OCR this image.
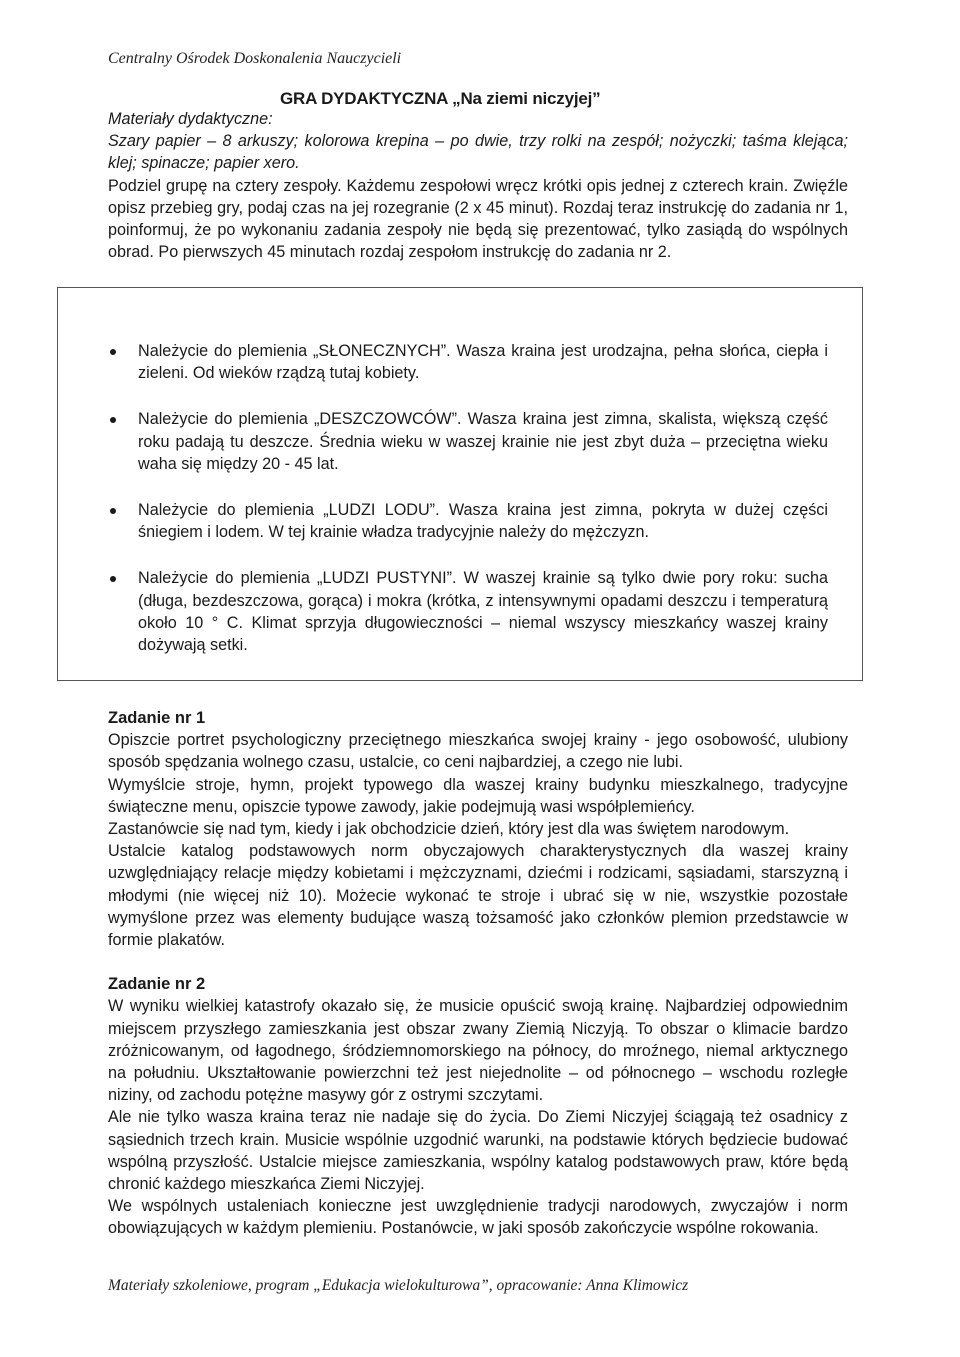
Centralny Ośrodek Doskonalenia Nauczycieli
GRA DYDAKTYCZNA „Na ziemi niczyjej”

Materiały dydaktyczne:

Szary papier – 8 arkuszy; kolorowa krepina – po dwie, trzy rolki na zespół; nożyczki; taśma klejąca; klej; spinacze; papier xero.

Podziel grupę na cztery zespoły. Każdemu zespołowi wręcz krótki opis jednej z czterech krain. Zwięźle opisz przebieg gry, podaj czas na jej rozegranie (2 x 45 minut). Rozdaj teraz instrukcję do zadania nr 1, poinformuj, że po wykonaniu zadania zespoły nie będą się prezentować, tylko zasiądą do wspólnych obrad. Po pierwszych 45 minutach rozdaj zespołom instrukcję do zadania nr 2.

Należycie do plemienia „SŁONECZNYCH”. Wasza kraina jest urodzajna, pełna słońca, ciepła i zieleni. Od wieków rządzą tutaj kobiety.
Należycie do plemienia „DESZCZOWCÓW”. Wasza kraina jest zimna, skalista, większą część roku padają tu deszcze. Średnia wieku w waszej krainie nie jest zbyt duża – przeciętna wieku waha się między 20 - 45 lat.
Należycie do plemienia „LUDZI LODU”. Wasza kraina jest zimna, pokryta w dużej części śniegiem i lodem. W tej krainie władza tradycyjnie należy do mężczyzn.
Należycie do plemienia „LUDZI PUSTYNI”. W waszej krainie są tylko dwie pory roku: sucha (długa, bezdeszczowa, gorąca) i mokra (krótka, z intensywnymi opadami deszczu i temperaturą około 10 ° C. Klimat sprzyja długowieczności – niemal wszyscy mieszkańcy waszej krainy dożywają setki.
Zadanie nr 1

Opiszcie portret psychologiczny przeciętnego mieszkańca swojej krainy - jego osobowość, ulubiony sposób spędzania wolnego czasu, ustalcie, co ceni najbardziej, a czego nie lubi.

Wymyślcie stroje, hymn, projekt typowego dla waszej krainy budynku mieszkalnego, tradycyjne świąteczne menu, opiszcie typowe zawody, jakie podejmują wasi współplemieńcy.

Zastanówcie się nad tym, kiedy i jak obchodzicie dzień, który jest dla was świętem narodowym.

Ustalcie katalog podstawowych norm obyczajowych charakterystycznych dla waszej krainy uzwględniający relacje między kobietami i mężczyznami, dziećmi i rodzicami, sąsiadami, starszyzną i młodymi (nie więcej niż 10). Możecie wykonać te stroje i ubrać się w nie, wszystkie pozostałe wymyślone przez was elementy budujące waszą tożsamość jako członków plemion przedstawcie w formie plakatów.

Zadanie nr 2

W wyniku wielkiej katastrofy okazało się, że musicie opuścić swoją krainę. Najbardziej odpowiednim miejscem przyszłego zamieszkania jest obszar zwany Ziemią Niczyją. To obszar o klimacie bardzo zróżnicowanym, od łagodnego, śródziemnomorskiego na północy, do mroźnego, niemal arktycznego na południu. Ukształtowanie powierzchni też jest niejednolite – od północnego – wschodu rozległe niziny, od zachodu potężne masywy gór z ostrymi szczytami.

Ale nie tylko wasza kraina teraz nie nadaje się do życia. Do Ziemi Niczyjej ściągają też osadnicy z sąsiednich trzech krain. Musicie wspólnie uzgodnić warunki, na podstawie których będziecie budować wspólną przyszłość. Ustalcie miejsce zamieszkania, wspólny katalog podstawowych praw, które będą chronić każdego mieszkańca Ziemi Niczyjej.

We wspólnych ustaleniach konieczne jest uwzględnienie tradycji narodowych, zwyczajów i norm obowiązujących w każdym plemieniu. Postanówcie, w jaki sposób zakończycie wspólne rokowania.

Materiały szkoleniowe, program „Edukacja wielokulturowa”, opracowanie: Anna Klimowicz
